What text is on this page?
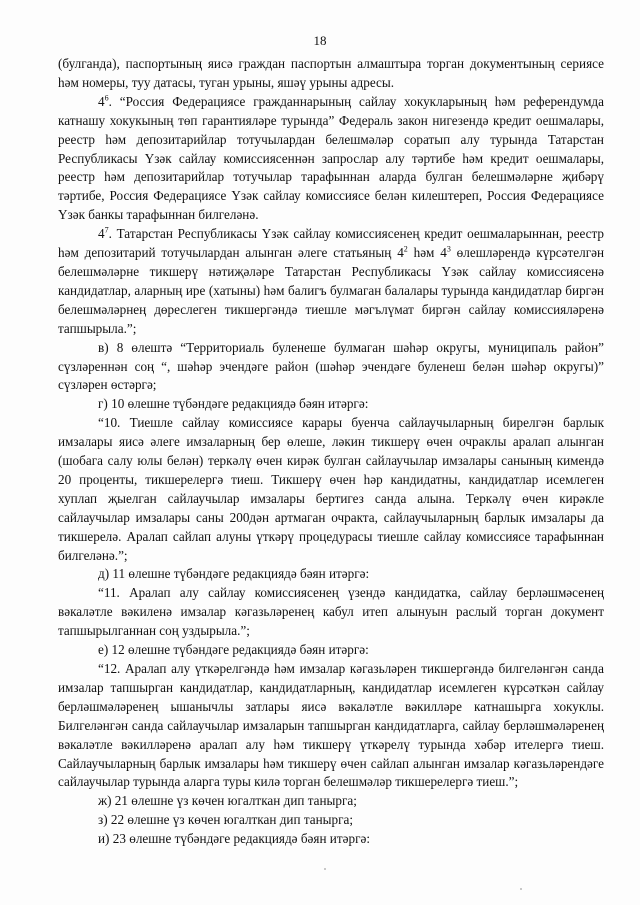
18

(булганда), паспортының яисә граждан паспортын алмаштыра торган документының сериясе һәм номеры, туу датасы, туган урыны, яшәү урыны адресы.

$4^6$. “Россия Федерациясе гражданнарының сайлау хокукларының һәм референдумда катнашу хокукының төп гарантияләре турында” Федераль закон нигезендә кредит оешмалары, реестр һәм депозитарийлар тотучылардан белешмәләр соратып алу турында Татарстан Республикасы Үзәк сайлау комиссиясеннән запрослар алу тәртибе һәм кредит оешмалары, реестр һәм депозитарийлар тотучылар тарафыннан аларда булган белешмәләрне җибәрү тәртибе, Россия Федерациясе Үзәк сайлау комиссиясе белән килештереп, Россия Федерациясе Үзәк банкы тарафыннан билгеләнә.

$4^7$. Татарстан Республикасы Үзәк сайлау комиссиясенең кредит оешмаларыннан, реестр һәм депозитарий тотучылардан алынган әлеге статьяның $4^2$ һәм $4^3$ өлешләрендә күрсәтелгән белешмәләрне тикшерү нәтиҗәләре Татарстан Республикасы Үзәк сайлау комиссиясенә кандидатлар, аларның ире (хатыны) һәм балигъ булмаган балалары турында кандидатлар биргән белешмәләрнең дөреслеген тикшергәндә тиешле мәгълүмат биргән сайлау комиссияләренә тапшырыла.”;

в) 8 өлештә “Территориаль буленеше булмаган шәһәр округы, муниципаль район” сүзләреннән соң “, шәһәр эчендәге район (шәһәр эчендәге буленеш белән шәһәр округы)” сүзләрен өстәргә;

г) 10 өлешне түбәндәге редакциядә бәян итәргә:

“10. Тиешле сайлау комиссиясе карары буенча сайлаучыларның бирелгән барлык имзалары яисә әлеге имзаларның бер өлеше, ләкин тикшерү өчен очраклы аралап алынган (шобага салу юлы белән) теркәлү өчен кирәк булган сайлаучылар имзалары санының кимендә 20 проценты, тикшерелергә тиеш. Тикшерү өчен һәр кандидатны, кандидатлар исемлеген хуплап җыелган сайлаучылар имзалары бертигез санда алына. Теркәлү өчен кирәкле сайлаучылар имзалары саны 200дән артмаган очракта, сайлаучыларның барлык имзалары да тикшерелә. Аралап сайлап алуны үткәрү процедурасы тиешле сайлау комиссиясе тарафыннан билгеләнә.”;

д) 11 өлешне түбәндәге редакциядә бәян итәргә:

“11. Аралап алу сайлау комиссиясенең үзендә кандидатка, сайлау берләшмәсенең вәкаләтле вәкиленә имзалар кәгазьләренең кабул итеп алынуын раслый торган документ тапшырылганнан соң уздырыла.”;

е) 12 өлешне түбәндәге редакциядә бәян итәргә:

“12. Аралап алу үткәрелгәндә һәм имзалар кәгазьләрен тикшергәндә билгеләнгән санда имзалар тапшырган кандидатлар, кандидатларның, кандидатлар исемлеген күрсәткән сайлау берләшмәләренең ышанычлы затлары яисә вәкаләтле вәкилләре катнашырга хокуклы. Билгеләнгән санда сайлаучылар имзаларын тапшырган кандидатларга, сайлау берләшмәләренең вәкаләтле вәкилләренә аралап алу һәм тикшерү үткәрелү турында хәбәр ителергә тиеш. Сайлаучыларның барлык имзалары һәм тикшерү өчен сайлап алынган имзалар кәгазьләрендәге сайлаучылар турында аларга туры килә торган белешмәләр тикшерелергә тиеш.”;

ж) 21 өлешне үз көчен югалткан дип танырга;

з) 22 өлешне үз көчен югалткан дип танырга;

и) 23 өлешне түбәндәге редакциядә бәян итәргә:
